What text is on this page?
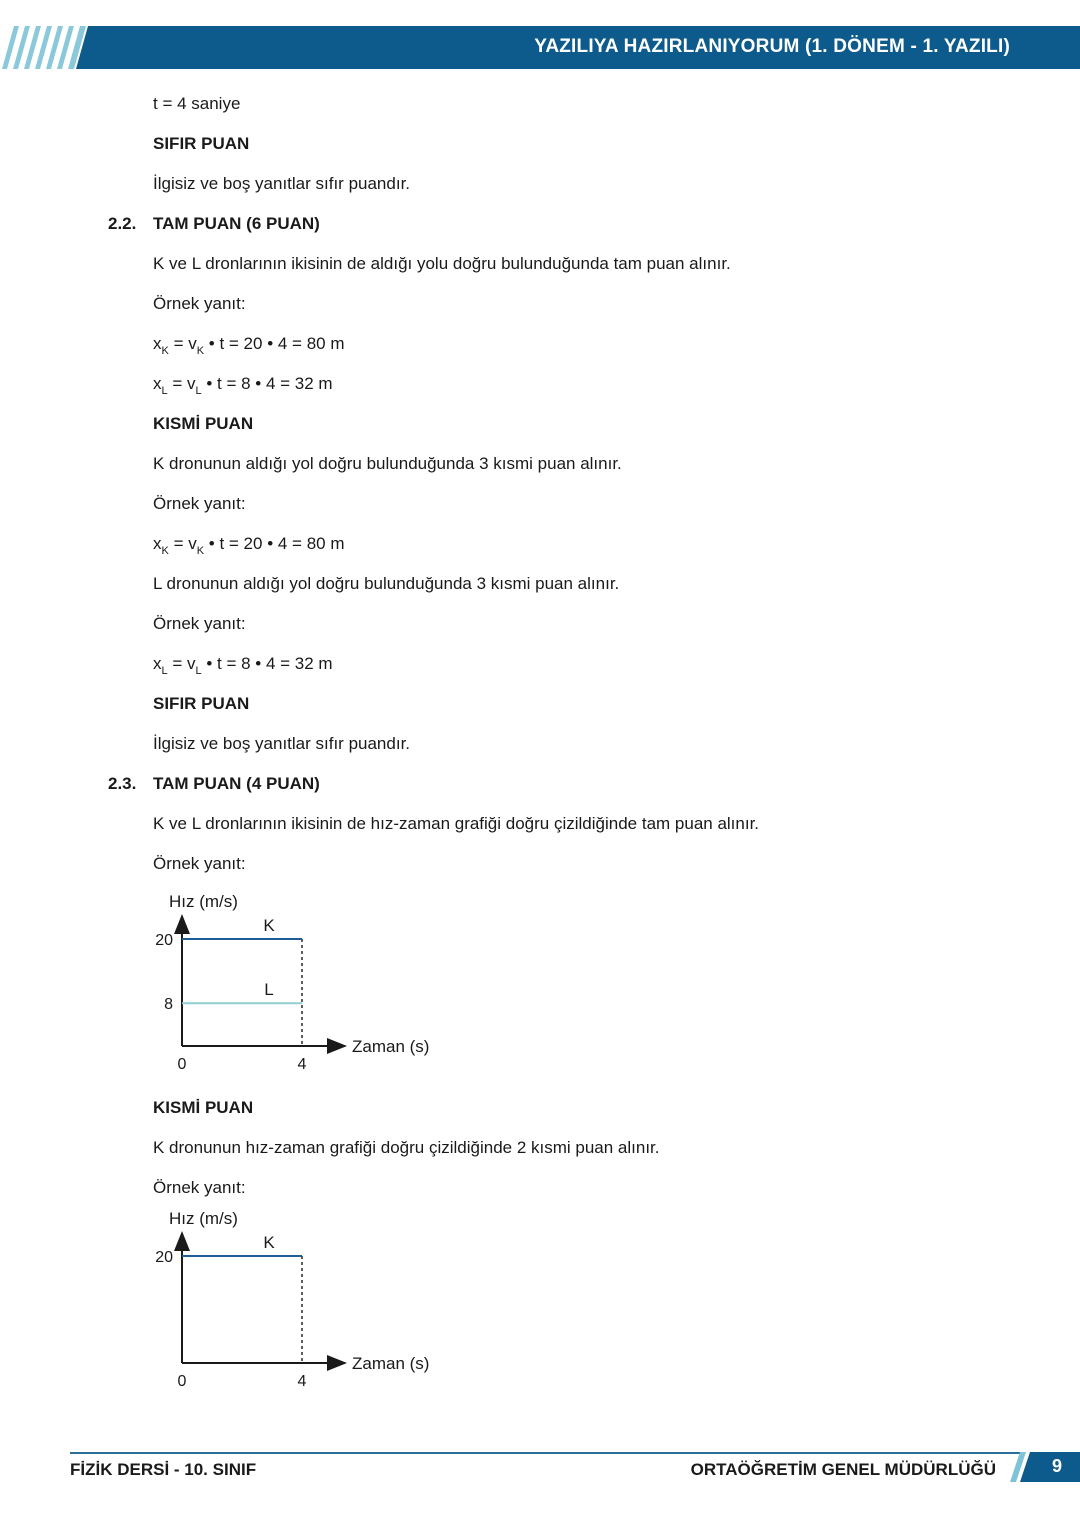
YAZILIYA HAZIRLANIYORUM (1. DÖNEM - 1. YAZILI)
t = 4 saniye
SIFIR PUAN
İlgisiz ve boş yanıtlar sıfır puandır.
2.2. TAM PUAN (6 PUAN)
K ve L dronlarının ikisinin de aldığı yolu doğru bulunduğunda tam puan alınır.
Örnek yanıt:
$x_K = v_K$ • t = 20 • 4 = 80 m
$x_L = v_L$ • t = 8 • 4 = 32 m
KISMİ PUAN
K dronunun aldığı yol doğru bulunduğunda 3 kısmi puan alınır.
Örnek yanıt:
$x_K = v_K$ • t = 20 • 4 = 80 m
L dronunun aldığı yol doğru bulunduğunda 3 kısmi puan alınır.
Örnek yanıt:
$x_L = v_L$ • t = 8 • 4 = 32 m
SIFIR PUAN
İlgisiz ve boş yanıtlar sıfır puandır.
2.3. TAM PUAN (4 PUAN)
K ve L dronlarının ikisinin de hız-zaman grafiği doğru çizildiğinde tam puan alınır.
Örnek yanıt:
Hız (m/s)
Zaman (s)
0	4
K
L
20
8
KISMİ PUAN
K dronunun hız-zaman grafiği doğru çizildiğinde 2 kısmi puan alınır.
Örnek yanıt:
Hız (m/s)
Zaman (s)
0	4
K
20
FİZİK DERSİ - 10. SINIF	ORTAÖĞRETİM GENEL MÜDÜRLÜĞÜ	9
